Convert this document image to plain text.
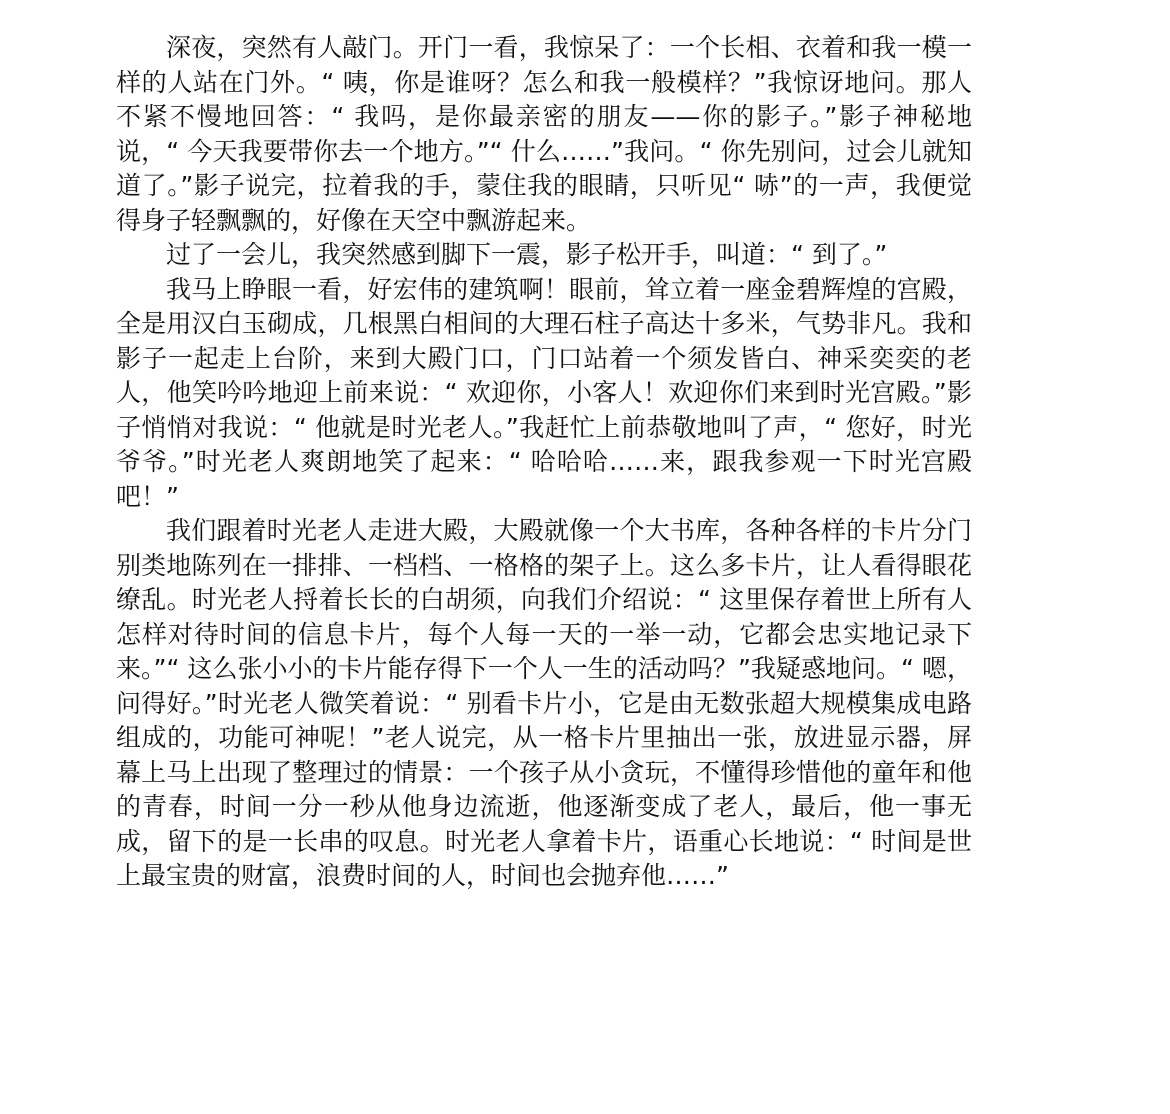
深夜，突然有人敲门。开门一看，我惊呆了：一个长相、衣着和我一模一样的人站在门外。“ 咦，你是谁呀？怎么和我一般模样？”我惊讶地问。那人不紧不慢地回答：“ 我吗，是你最亲密的朋友——你的影子。”影子神秘地说，“ 今天我要带你去一个地方。”“ 什么……”我问。“ 你先别问，过会儿就知道了。”影子说完，拉着我的手，蒙住我的眼睛，只听见“ 哧”的一声，我便觉得身子轻飘飘的，好像在天空中飘游起来。

过了一会儿，我突然感到脚下一震，影子松开手，叫道：“ 到了。”

我马上睁眼一看，好宏伟的建筑啊！眼前，耸立着一座金碧辉煌的宫殿，全是用汉白玉砌成，几根黑白相间的大理石柱子高达十多米，气势非凡。我和影子一起走上台阶，来到大殿门口，门口站着一个须发皆白、神采奕奕的老人，他笑吟吟地迎上前来说：“ 欢迎你，小客人！欢迎你们来到时光宫殿。”影子悄悄对我说：“ 他就是时光老人。”我赶忙上前恭敬地叫了声，“ 您好，时光爷爷。”时光老人爽朗地笑了起来：“ 哈哈哈……来，跟我参观一下时光宫殿吧！”

我们跟着时光老人走进大殿，大殿就像一个大书库，各种各样的卡片分门别类地陈列在一排排、一档档、一格格的架子上。这么多卡片，让人看得眼花缭乱。时光老人捋着长长的白胡须，向我们介绍说：“ 这里保存着世上所有人怎样对待时间的信息卡片，每个人每一天的一举一动，它都会忠实地记录下来。”“ 这么张小小的卡片能存得下一个人一生的活动吗？”我疑惑地问。“ 嗯，问得好。”时光老人微笑着说：“ 别看卡片小，它是由无数张超大规模集成电路组成的，功能可神呢！”老人说完，从一格卡片里抽出一张，放进显示器，屏幕上马上出现了整理过的情景：一个孩子从小贪玩，不懂得珍惜他的童年和他的青春，时间一分一秒从他身边流逝，他逐渐变成了老人，最后，他一事无成，留下的是一长串的叹息。时光老人拿着卡片，语重心长地说：“ 时间是世上最宝贵的财富，浪费时间的人，时间也会抛弃他……”
